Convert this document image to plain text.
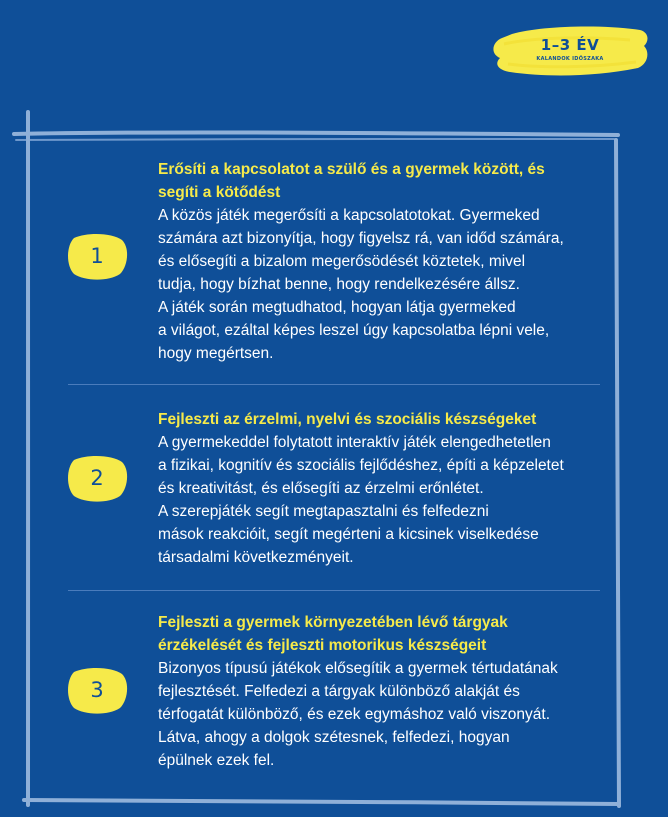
1–3 ÉV
KALANDOK IDŐSZAKA
1
Erősíti a kapcsolatot a szülő és a gyermek között, és
segíti a kötődést

A közös játék megerősíti a kapcsolatotokat. Gyermeked
számára azt bizonyítja, hogy figyelsz rá, van időd számára,
és elősegíti a bizalom megerősödését köztetek, mivel
tudja, hogy bízhat benne, hogy rendelkezésére állsz.
A játék során megtudhatod, hogyan látja gyermeked
a világot, ezáltal képes leszel úgy kapcsolatba lépni vele,
hogy megértsen.

2
Fejleszti az érzelmi, nyelvi és szociális készségeket

A gyermekeddel folytatott interaktív játék elengedhetetlen
a fizikai, kognitív és szociális fejlődéshez, építi a képzeletet
és kreativitást, és elősegíti az érzelmi erőnlétet.
A szerepjáték segít megtapasztalni és felfedezni
mások reakcióit, segít megérteni a kicsinek viselkedése
társadalmi következményeit.

3
Fejleszti a gyermek környezetében lévő tárgyak
érzékelését és fejleszti motorikus készségeit

Bizonyos típusú játékok elősegítik a gyermek tértudatának
fejlesztését. Felfedezi a tárgyak különböző alakját és
térfogatát különböző, és ezek egymáshoz való viszonyát.
Látva, ahogy a dolgok szétesnek, felfedezi, hogyan
épülnek ezek fel.
